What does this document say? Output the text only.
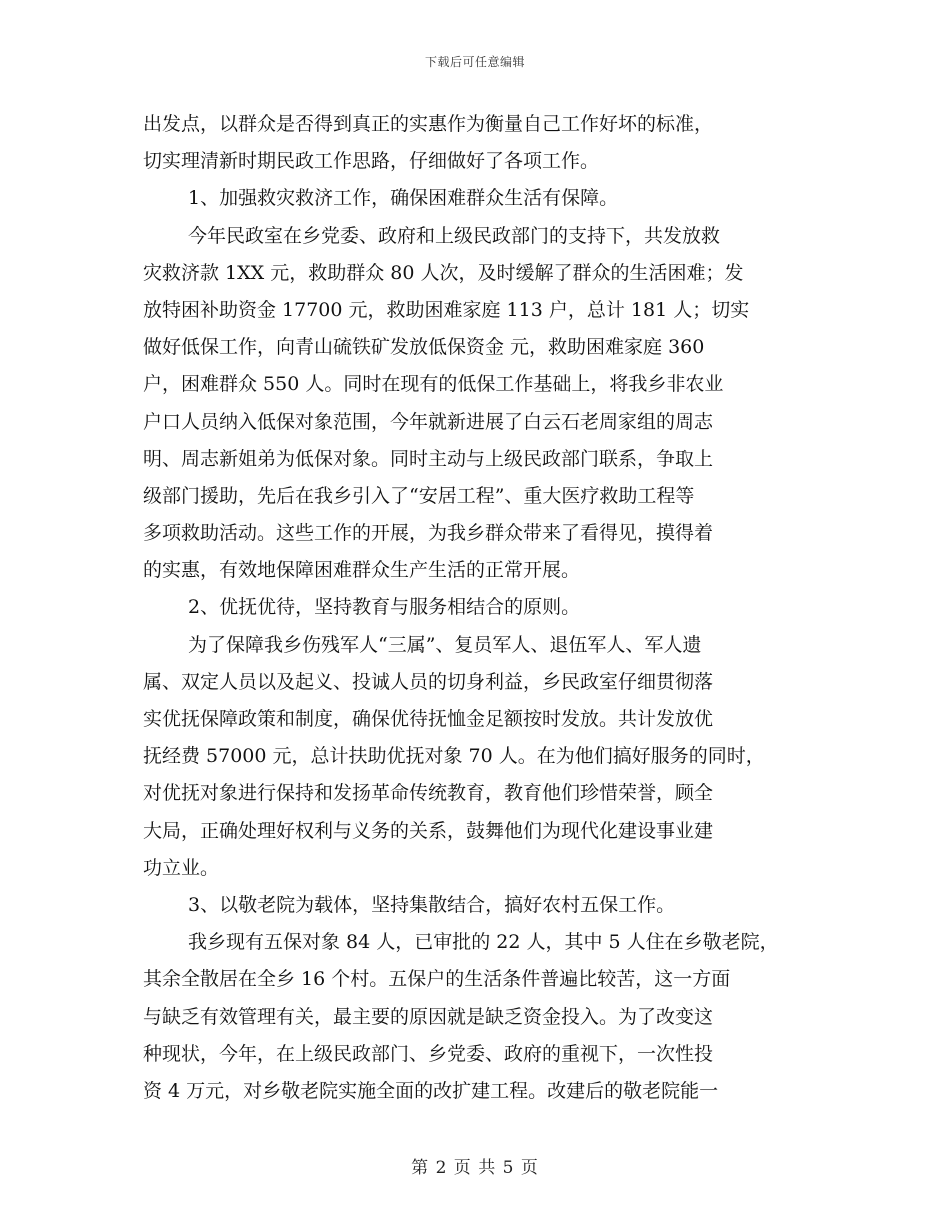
下载后可任意编辑
出发点，以群众是否得到真正的实惠作为衡量自己工作好坏的标准，
切实理清新时期民政工作思路，仔细做好了各项工作。
1、加强救灾救济工作，确保困难群众生活有保障。
今年民政室在乡党委、政府和上级民政部门的支持下，共发放救
灾救济款 1XX 元，救助群众 80 人次，及时缓解了群众的生活困难；发
放特困补助资金 17700 元，救助困难家庭 113 户，总计 181 人；切实
做好低保工作，向青山硫铁矿发放低保资金 元，救助困难家庭 360
户，困难群众 550 人。同时在现有的低保工作基础上，将我乡非农业
户口人员纳入低保对象范围，今年就新进展了白云石老周家组的周志
明、周志新姐弟为低保对象。同时主动与上级民政部门联系，争取上
级部门援助，先后在我乡引入了“安居工程”、重大医疗救助工程等
多项救助活动。这些工作的开展，为我乡群众带来了看得见，摸得着
的实惠，有效地保障困难群众生产生活的正常开展。
2、优抚优待，坚持教育与服务相结合的原则。
为了保障我乡伤残军人“三属”、复员军人、退伍军人、军人遗
属、双定人员以及起义、投诚人员的切身利益，乡民政室仔细贯彻落
实优抚保障政策和制度，确保优待抚恤金足额按时发放。共计发放优
抚经费 57000 元，总计扶助优抚对象 70 人。在为他们搞好服务的同时，
对优抚对象进行保持和发扬革命传统教育，教育他们珍惜荣誉，顾全
大局，正确处理好权利与义务的关系，鼓舞他们为现代化建设事业建
功立业。
3、以敬老院为载体，坚持集散结合，搞好农村五保工作。
我乡现有五保对象 84 人，已审批的 22 人，其中 5 人住在乡敬老院，
其余全散居在全乡 16 个村。五保户的生活条件普遍比较苦，这一方面
与缺乏有效管理有关，最主要的原因就是缺乏资金投入。为了改变这
种现状，今年，在上级民政部门、乡党委、政府的重视下，一次性投
资 4 万元，对乡敬老院实施全面的改扩建工程。改建后的敬老院能一
第 2 页 共 5 页
